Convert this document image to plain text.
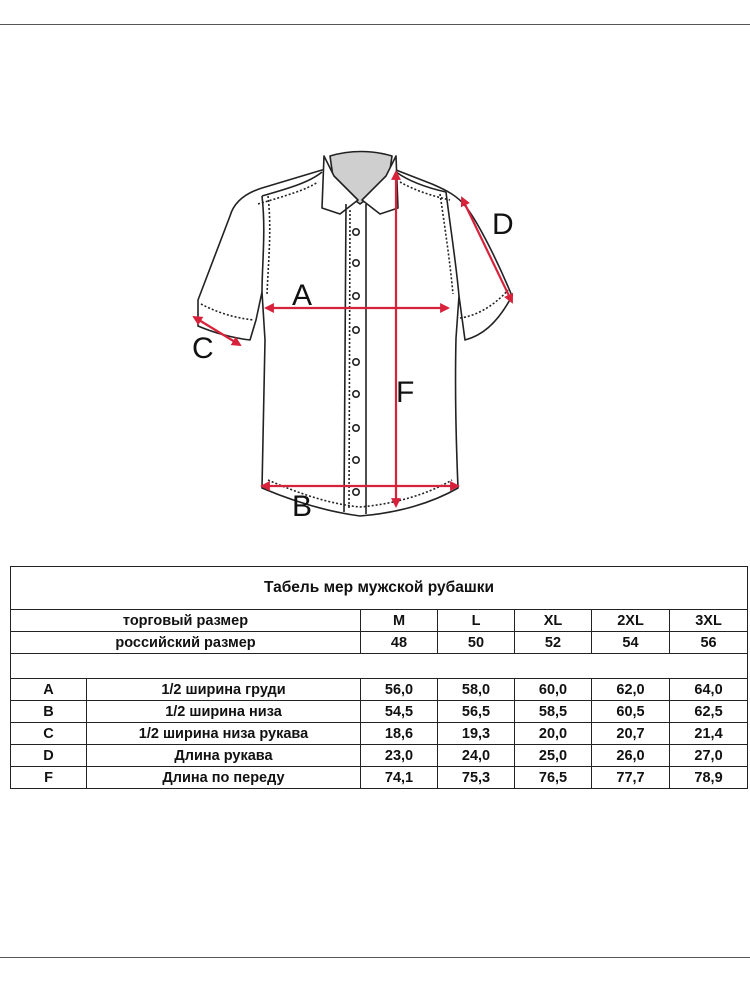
A
B
C
D
F
Табель мер мужской рубашки						
торговый размер		M	L	XL	2XL	3XL
российский размер		48	50	52	54	56

A	1/2 ширина груди	56,0	58,0	60,0	62,0	64,0
B	1/2 ширина низа	54,5	56,5	58,5	60,5	62,5
C	1/2 ширина низа рукава	18,6	19,3	20,0	20,7	21,4
D	Длина рукава	23,0	24,0	25,0	26,0	27,0
F	Длина по переду	74,1	75,3	76,5	77,7	78,9
